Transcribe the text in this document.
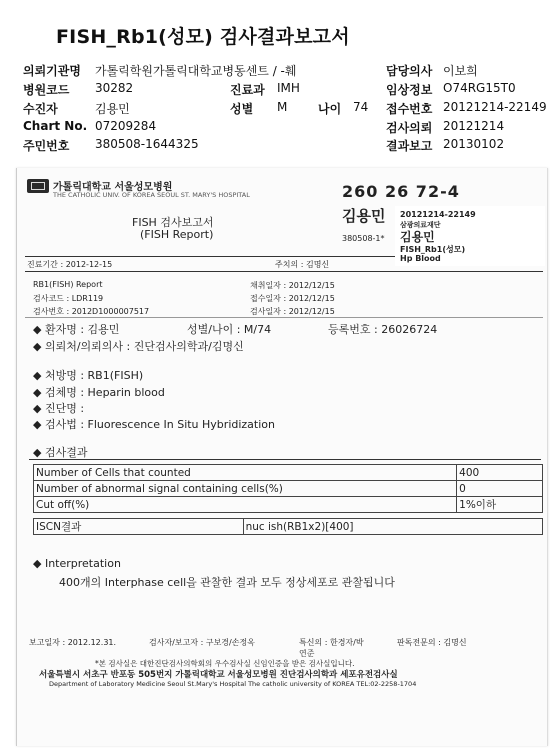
FISH_Rb1(성모) 검사결과보고서
의뢰기관명 가톨릭학원가톨릭대학교병동센트 / -훼
병원코드 30282	진료과 IMH
수진자	김용민	성별 M	나이 74
Chart No. 07209284
주민번호 380508-1644325
담당의사 이보희
임상정보 O74RG15T0
접수번호 20121214-22149
검사의뢰 20121214
결과보고 20130102
가톨릭대학교 서울성모병원
THE CATHOLIC UNIV. OF KOREA SEOUL ST. MARY'S HOSPITAL
FISH 검사보고서
(FISH Report)
260 26 72-4
김용민
380508-1*
20121214-22149
삼광의료재단
김용민
FISH_Rb1(성모)
Hp Blood
진료기간 : 2012-12-15	주치의 : 김명신
RB1(FISH) Report
검사코드 : LDR119
검사번호 : 2012D1000007517
채취일자 : 2012/12/15
접수일자 : 2012/12/15
검사일자 : 2012/12/15
◆ 환자명 : 김용민	성별/나이 : M/74	등록번호 : 26026724
◆ 의뢰처/의뢰의사 : 진단검사의학과/김명신
◆ 처방명 : RB1(FISH)
◆ 검체명 : Heparin blood
◆ 진단명 :
◆ 검사법 : Fluorescence In Situ Hybridization
◆ 검사결과
Number of Cells that counted	400
Number of abnormal signal containing cells(%)	0
Cut off(%)	1%이하
ISCN결과	nuc ish(RB1x2)[400]
◆ Interpretation
400개의 Interphase cell을 관찰한 결과 모두 정상세포로 관찰됩니다
보고일자 : 2012.12.31.	검사자/보고자 : 구보경/손정옥	특신의 : 한경자/박
연준
판독전문의 : 김명신
*본 검사실은 대한진단검사의학회의 우수검사실 신임인증을 받은 검사실입니다.
서울특별시 서초구 반포동 505번지 가톨릭대학교 서울성모병원 진단검사의학과 세포유전검사실
Department of Laboratory Medicine Seoul St.Mary's Hospital The catholic university of KOREA TEL:02-2258-1704
